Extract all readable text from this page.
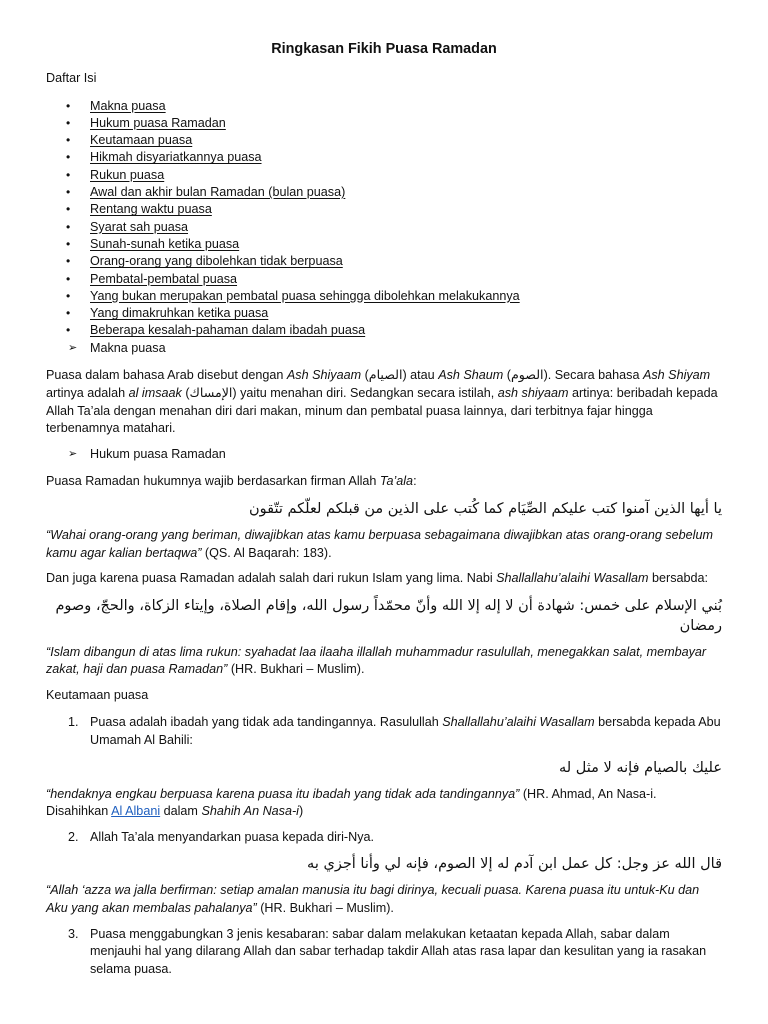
Ringkasan Fikih Puasa Ramadan

Daftar Isi

• Makna puasa
• Hukum puasa Ramadan
• Keutamaan puasa
• Hikmah disyariatkannya puasa
• Rukun puasa
• Awal dan akhir bulan Ramadan (bulan puasa)
• Rentang waktu puasa
• Syarat sah puasa
• Sunah-sunah ketika puasa
• Orang-orang yang dibolehkan tidak berpuasa
• Pembatal-pembatal puasa
• Yang bukan merupakan pembatal puasa sehingga dibolehkan melakukannya
• Yang dimakruhkan ketika puasa
• Beberapa kesalah-pahaman dalam ibadah puasa
➢ Makna puasa

Puasa dalam bahasa Arab disebut dengan Ash Shiyaam (الصيام) atau Ash Shaum (الصوم). Secara bahasa Ash Shiyam artinya adalah al imsaak (الإمساك) yaitu menahan diri. Sedangkan secara istilah, ash shiyaam artinya: beribadah kepada Allah Ta’ala dengan menahan diri dari makan, minum dan pembatal puasa lainnya, dari terbitnya fajar hingga terbenamnya matahari.

➢ Hukum puasa Ramadan

Puasa Ramadan hukumnya wajib berdasarkan firman Allah Ta’ala:

يا أيها الذين آمنوا كتب عليكم الصِّيَام كما كُتب على الذين من قبلكم لعلّكم تتّقون

“Wahai orang-orang yang beriman, diwajibkan atas kamu berpuasa sebagaimana diwajibkan atas orang-orang sebelum kamu agar kalian bertaqwa” (QS. Al Baqarah: 183).

Dan juga karena puasa Ramadan adalah salah dari rukun Islam yang lima. Nabi Shallallahu’alaihi Wasallam bersabda:

بُني الإسلام على خمس: شهادة أن لا إله إلا الله وأنّ محمّداً رسول الله، وإقام الصلاة، وإيتاء الزكاة، والحجّ، وصوم رمضان

“Islam dibangun di atas lima rukun: syahadat laa ilaaha illallah muhammadur rasulullah, menegakkan salat, membayar zakat, haji dan puasa Ramadan” (HR. Bukhari – Muslim).

Keutamaan puasa

1. Puasa adalah ibadah yang tidak ada tandingannya. Rasulullah Shallallahu’alaihi Wasallam bersabda kepada Abu Umamah Al Bahili:

عليك بالصيام فإنه لا مثل له

“hendaknya engkau berpuasa karena puasa itu ibadah yang tidak ada tandingannya” (HR. Ahmad, An Nasa-i. Disahihkan Al Albani dalam Shahih An Nasa-i)

2. Allah Ta’ala menyandarkan puasa kepada diri-Nya.

قال الله عز وجل: كل عمل ابن آدم له إلا الصوم، فإنه لي وأنا أجزي به

“Allah ‘azza wa jalla berfirman: setiap amalan manusia itu bagi dirinya, kecuali puasa. Karena puasa itu untuk-Ku dan Aku yang akan membalas pahalanya” (HR. Bukhari – Muslim).

3. Puasa menggabungkan 3 jenis kesabaran: sabar dalam melakukan ketaatan kepada Allah, sabar dalam menjauhi hal yang dilarang Allah dan sabar terhadap takdir Allah atas rasa lapar dan kesulitan yang ia rasakan selama puasa.
